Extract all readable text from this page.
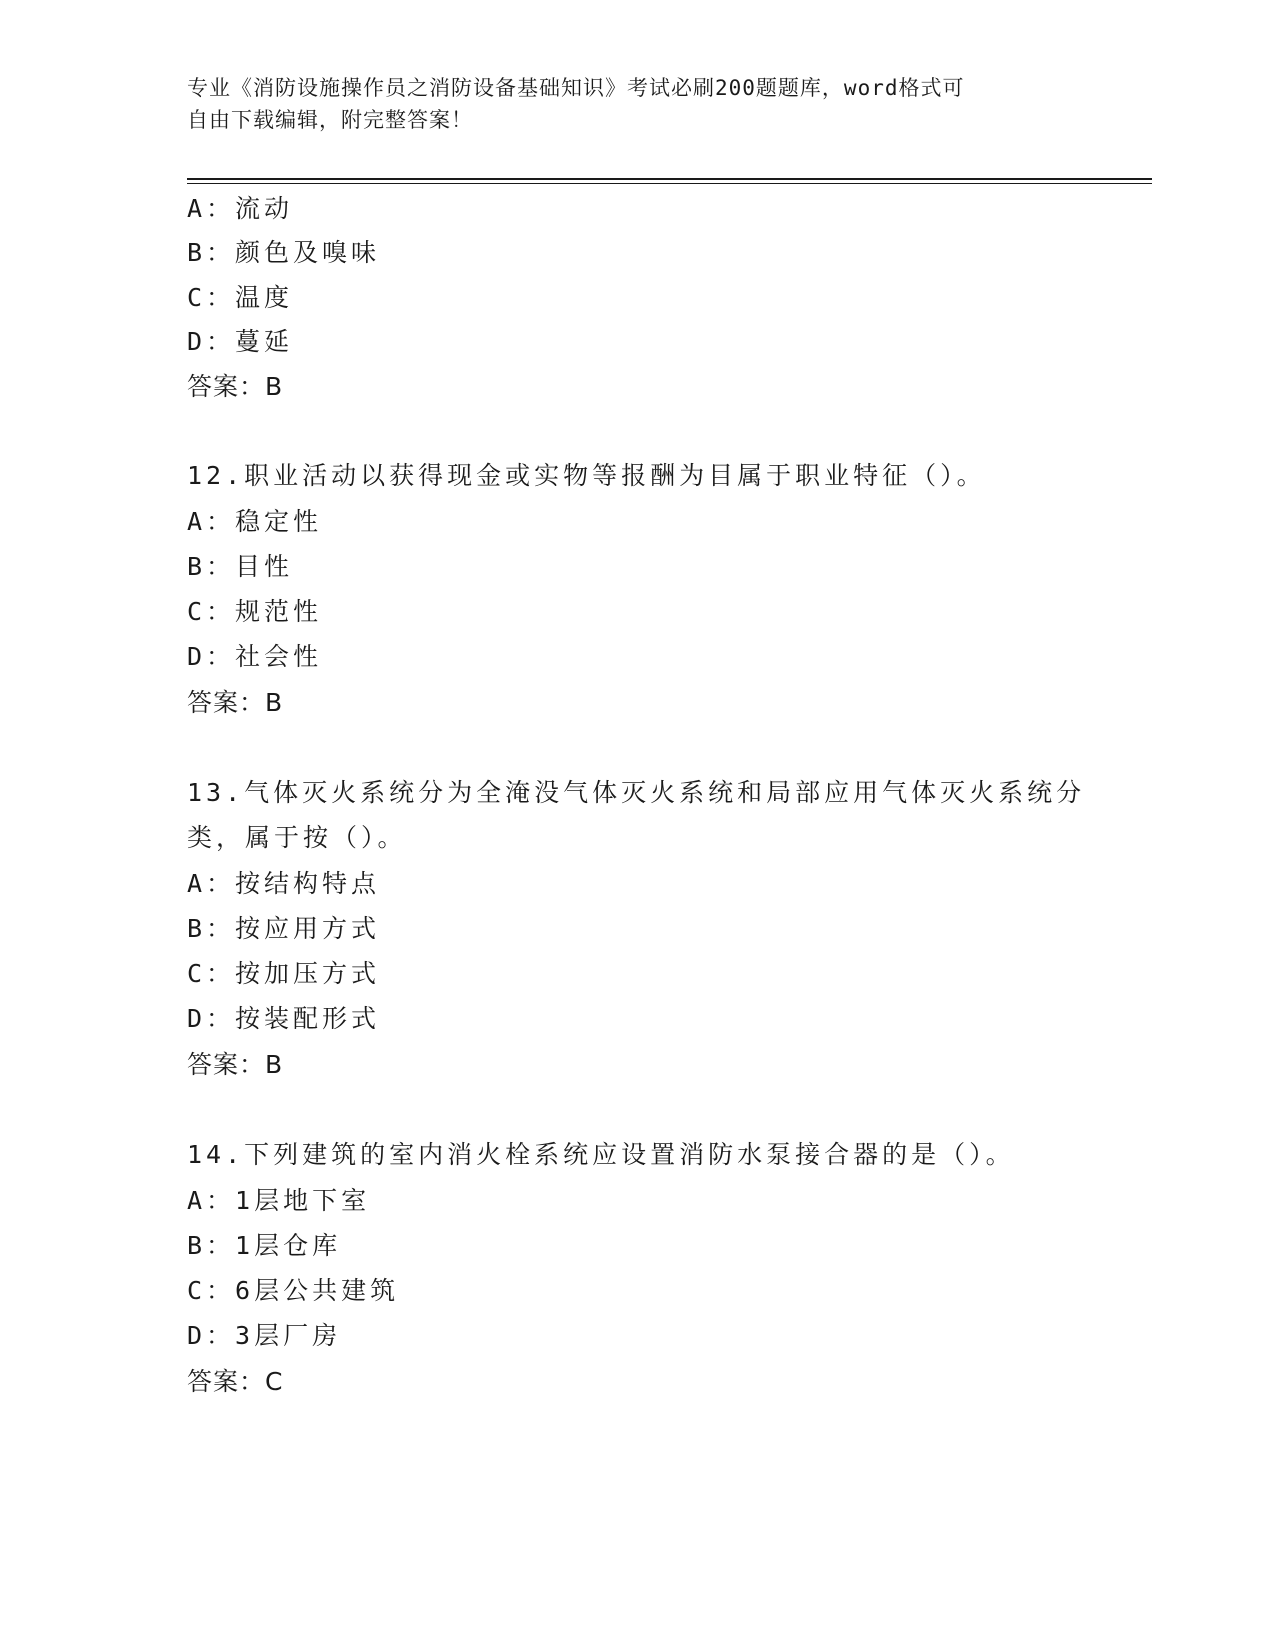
专业《消防设施操作员之消防设备基础知识》考试必刷200题题库，word格式可
自由下载编辑，附完整答案！
A：流动
B：颜色及嗅味
C：温度
D：蔓延
答案：B
12.职业活动以获得现金或实物等报酬为目属于职业特征（）。
A：稳定性
B：目性
C：规范性
D：社会性
答案：B
13.气体灭火系统分为全淹没气体灭火系统和局部应用气体灭火系统分
类，属于按（）。
A：按结构特点
B：按应用方式
C：按加压方式
D：按装配形式
答案：B
14.下列建筑的室内消火栓系统应设置消防水泵接合器的是（）。
A：1层地下室
B：1层仓库
C：6层公共建筑
D：3层厂房
答案：C
